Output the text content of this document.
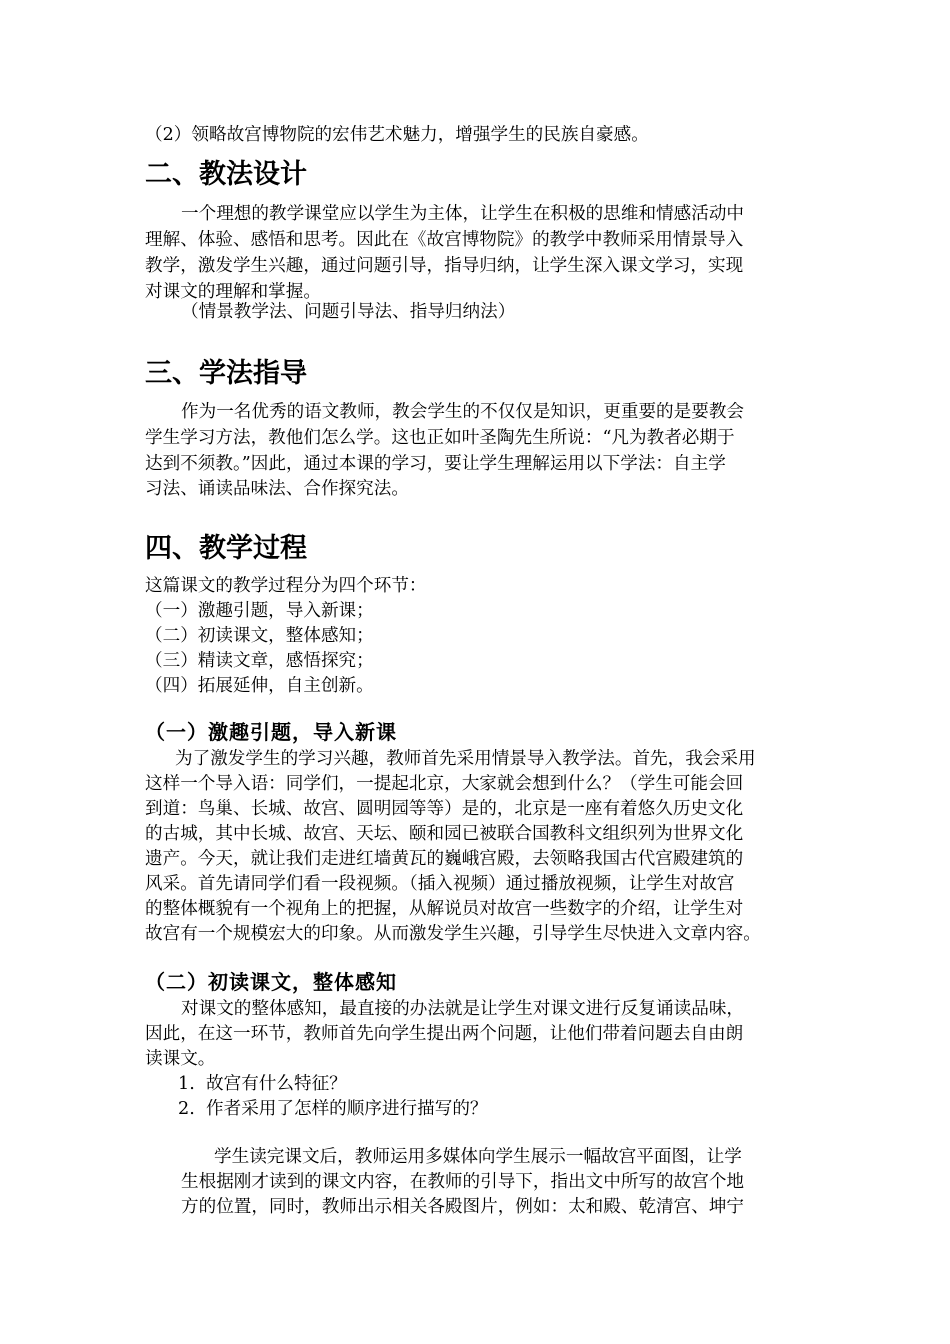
（2）领略故宫博物院的宏伟艺术魅力，增强学生的民族自豪感。
二、教法设计
一个理想的教学课堂应以学生为主体，让学生在积极的思维和情感活动中
理解、体验、感悟和思考。因此在《故宫博物院》的教学中教师采用情景导入
教学，激发学生兴趣，通过问题引导，指导归纳，让学生深入课文学习，实现
对课文的理解和掌握。
（情景教学法、问题引导法、指导归纳法）
三、学法指导
作为一名优秀的语文教师，教会学生的不仅仅是知识，更重要的是要教会
学生学习方法，教他们怎么学。这也正如叶圣陶先生所说：“凡为教者必期于
达到不须教。”因此，通过本课的学习，要让学生理解运用以下学法：自主学
习法、诵读品味法、合作探究法。
四、教学过程
这篇课文的教学过程分为四个环节：
（一）激趣引题，导入新课；
（二）初读课文，整体感知；
（三）精读文章，感悟探究；
（四）拓展延伸，自主创新。
（一）激趣引题，导入新课
为了激发学生的学习兴趣，教师首先采用情景导入教学法。首先，我会采用
这样一个导入语：同学们，一提起北京，大家就会想到什么？（学生可能会回
到道：鸟巢、长城、故宫、圆明园等等）是的，北京是一座有着悠久历史文化
的古城，其中长城、故宫、天坛、颐和园已被联合国教科文组织列为世界文化
遗产。今天，就让我们走进红墙黄瓦的巍峨宫殿，去领略我国古代宫殿建筑的
风采。首先请同学们看一段视频。（插入视频）通过播放视频，让学生对故宫
的整体概貌有一个视角上的把握，从解说员对故宫一些数字的介绍，让学生对
故宫有一个规模宏大的印象。从而激发学生兴趣，引导学生尽快进入文章内容。
（二）初读课文，整体感知
对课文的整体感知，最直接的办法就是让学生对课文进行反复诵读品味，
因此，在这一环节，教师首先向学生提出两个问题，让他们带着问题去自由朗
读课文。
1. 故宫有什么特征？
2. 作者采用了怎样的顺序进行描写的？
学生读完课文后，教师运用多媒体向学生展示一幅故宫平面图，让学
生根据刚才读到的课文内容，在教师的引导下，指出文中所写的故宫个地
方的位置，同时，教师出示相关各殿图片，例如：太和殿、乾清宫、坤宁
